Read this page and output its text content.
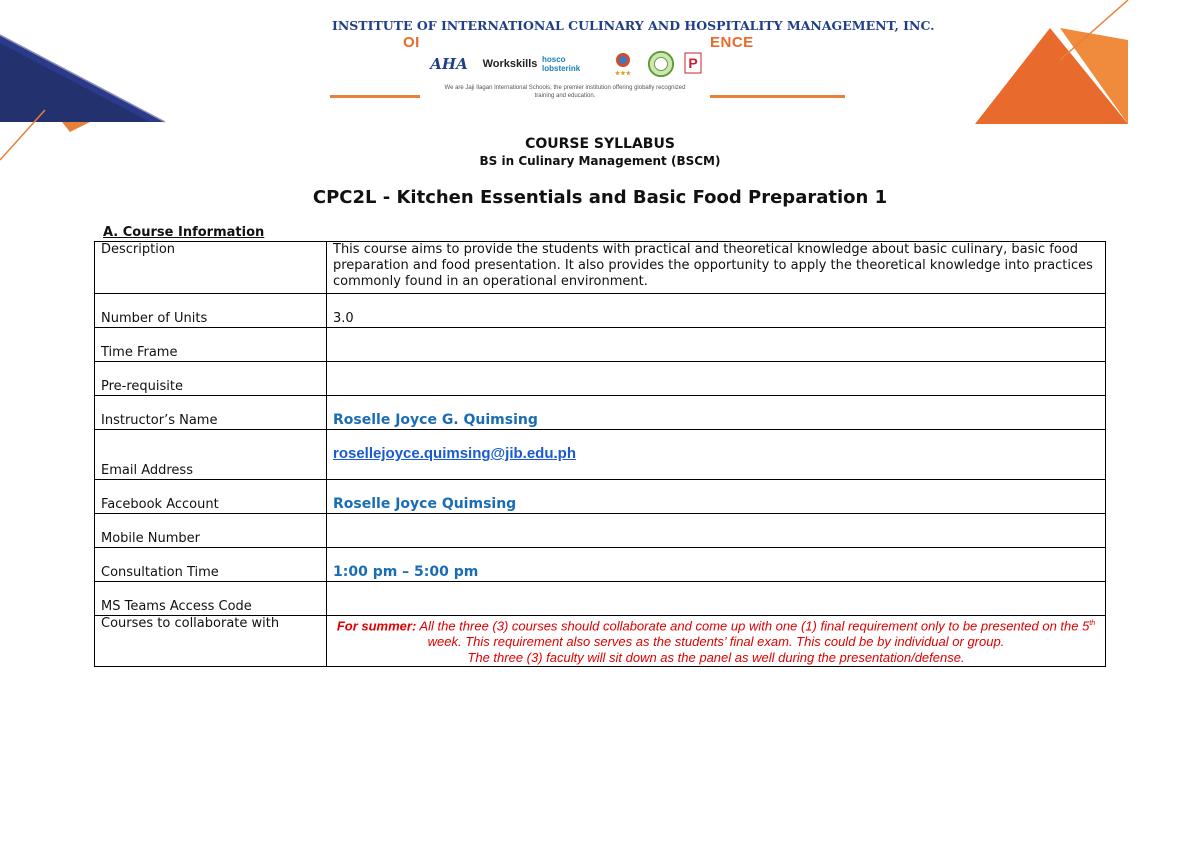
INSTITUTE OF INTERNATIONAL CULINARY AND HOSPITALITY MANAGEMENT, INC.
OI	ENCE
AHA Workskills hosco lobsterink
★★★
P
We are Jaji Ilagan International Schools, the premier institution offering globally recognized training and education.
COURSE SYLLABUS
BS in Culinary Management (BSCM)
CPC2L - Kitchen Essentials and Basic Food Preparation 1
A. Course Information
Description	This course aims to provide the students with practical and theoretical knowledge about basic culinary, basic food preparation and food presentation. It also provides the opportunity to apply the theoretical knowledge into practices commonly found in an operational environment.
Number of Units	3.0
Time Frame	
Pre-requisite	
Instructor’s Name	Roselle Joyce G. Quimsing
Email Address	rosellejoyce.quimsing@jib.edu.ph
Facebook Account	Roselle Joyce Quimsing
Mobile Number	
Consultation Time	1:00 pm – 5:00 pm
MS Teams Access Code	
Courses to collaborate with	For summer: All the three (3) courses should collaborate and come up with one (1) final requirement only to be presented on the 5th week. This requirement also serves as the students’ final exam. This could be by individual or group.
The three (3) faculty will sit down as the panel as well during the presentation/defense.
